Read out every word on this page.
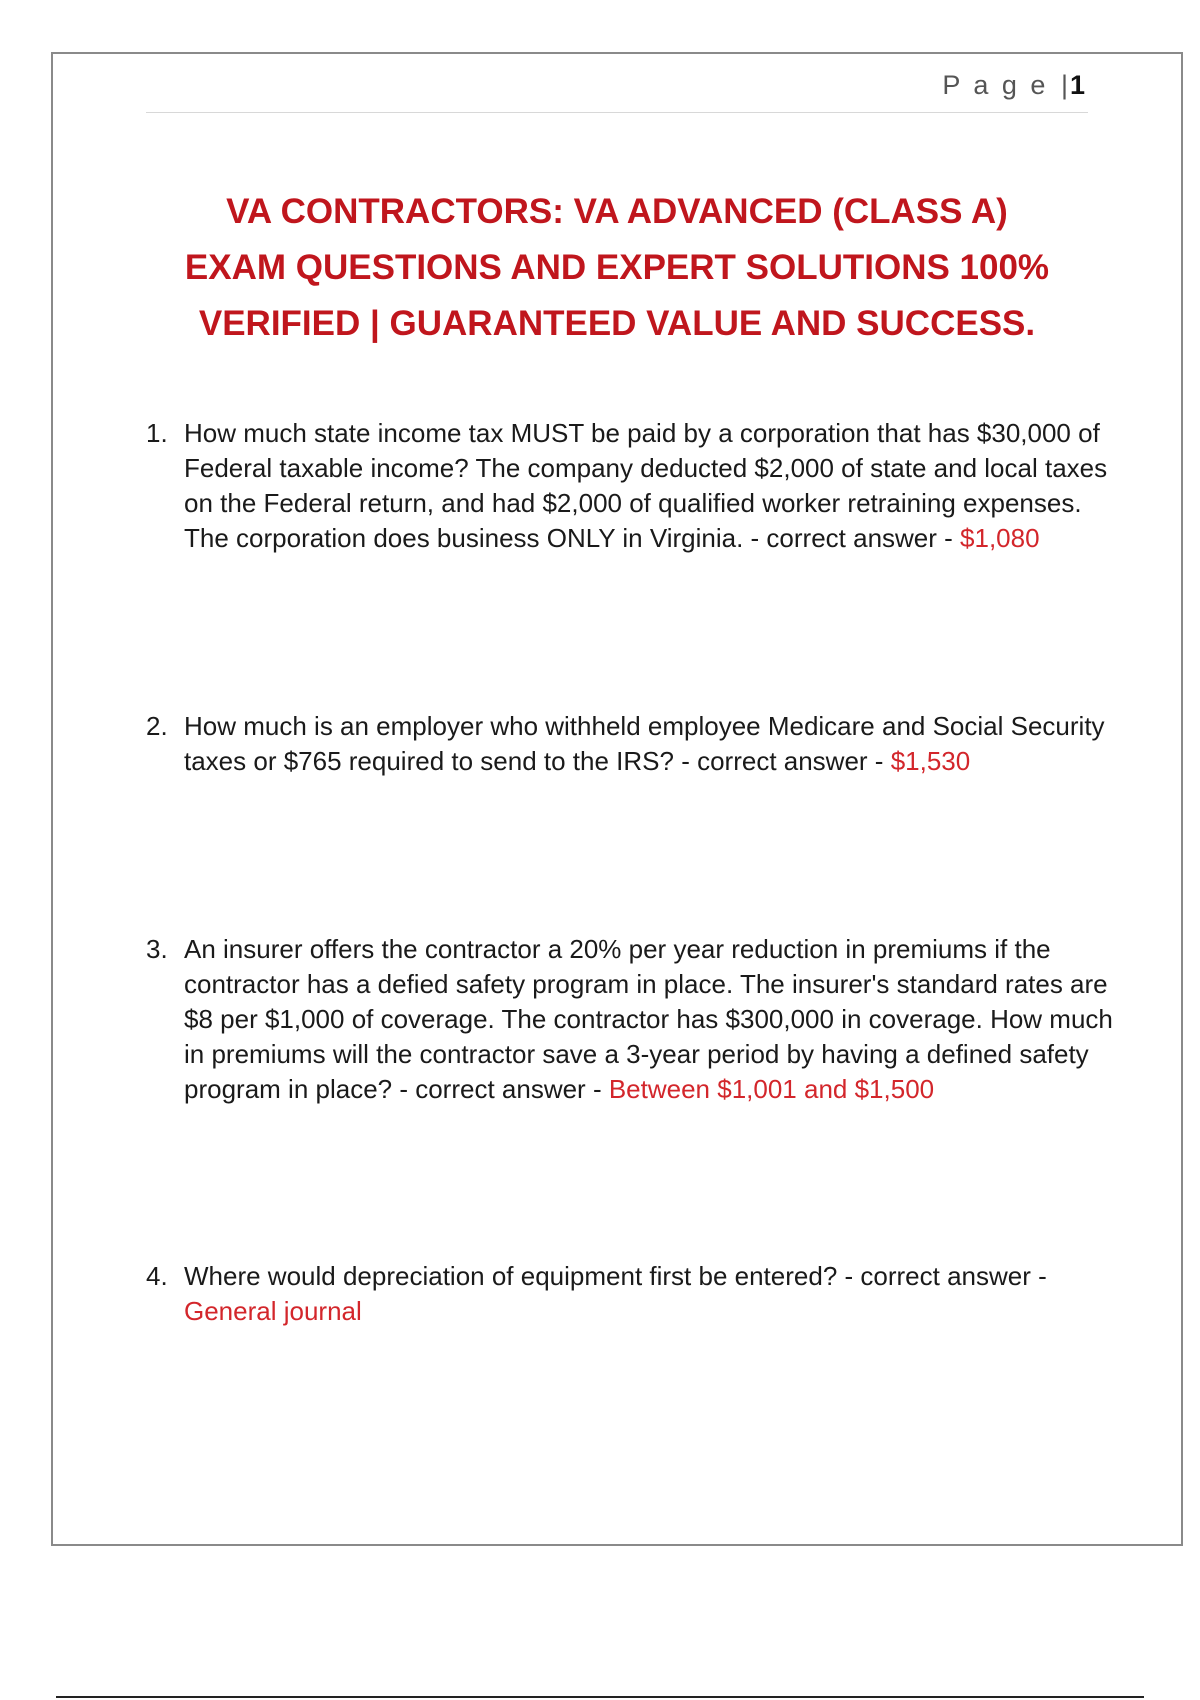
P a g e |1
VA CONTRACTORS: VA ADVANCED (CLASS A)
EXAM QUESTIONS AND EXPERT SOLUTIONS 100%
VERIFIED | GUARANTEED VALUE AND SUCCESS.
1. How much state income tax MUST be paid by a corporation that has $30,000 of Federal taxable income? The company deducted $2,000 of state and local taxes on the Federal return, and had $2,000 of qualified worker retraining expenses. The corporation does business ONLY in Virginia. - correct answer - $1,080
2. How much is an employer who withheld employee Medicare and Social Security taxes or $765 required to send to the IRS? - correct answer - $1,530
3. An insurer offers the contractor a 20% per year reduction in premiums if the contractor has a defied safety program in place. The insurer's standard rates are $8 per $1,000 of coverage. The contractor has $300,000 in coverage. How much in premiums will the contractor save a 3-year period by having a defined safety program in place? - correct answer - Between $1,001 and $1,500
4. Where would depreciation of equipment first be entered? - correct answer - General journal
